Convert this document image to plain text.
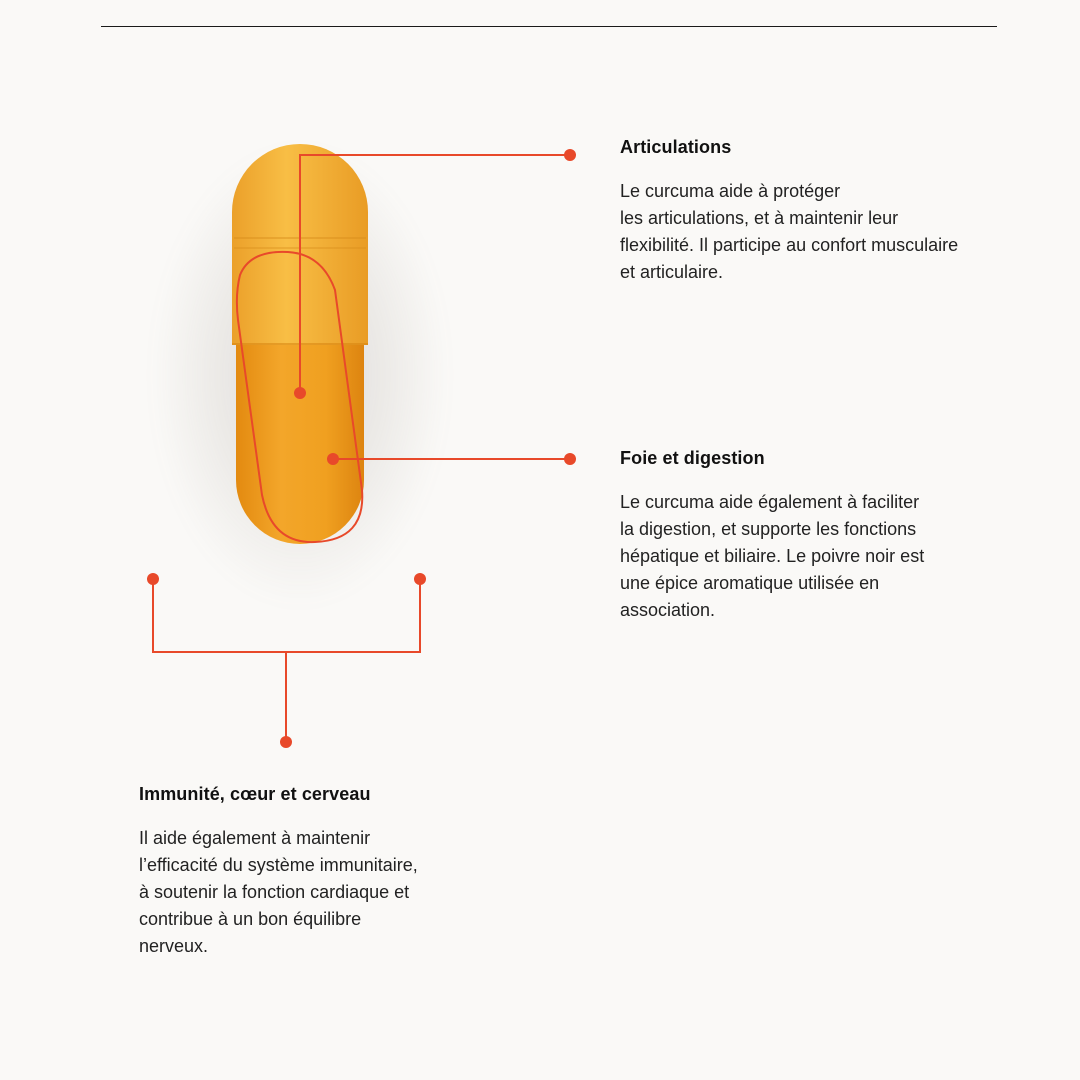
Articulations

Le curcuma aide à protéger
les articulations, et à maintenir leur
flexibilité. Il participe au confort musculaire
et articulaire.

Foie et digestion

Le curcuma aide également à faciliter
la digestion, et supporte les fonctions
hépatique et biliaire. Le poivre noir est
une épice aromatique utilisée en
association.

Immunité, cœur et cerveau

Il aide également à maintenir
l’efficacité du système immunitaire,
à soutenir la fonction cardiaque et
contribue à un bon équilibre
nerveux.
